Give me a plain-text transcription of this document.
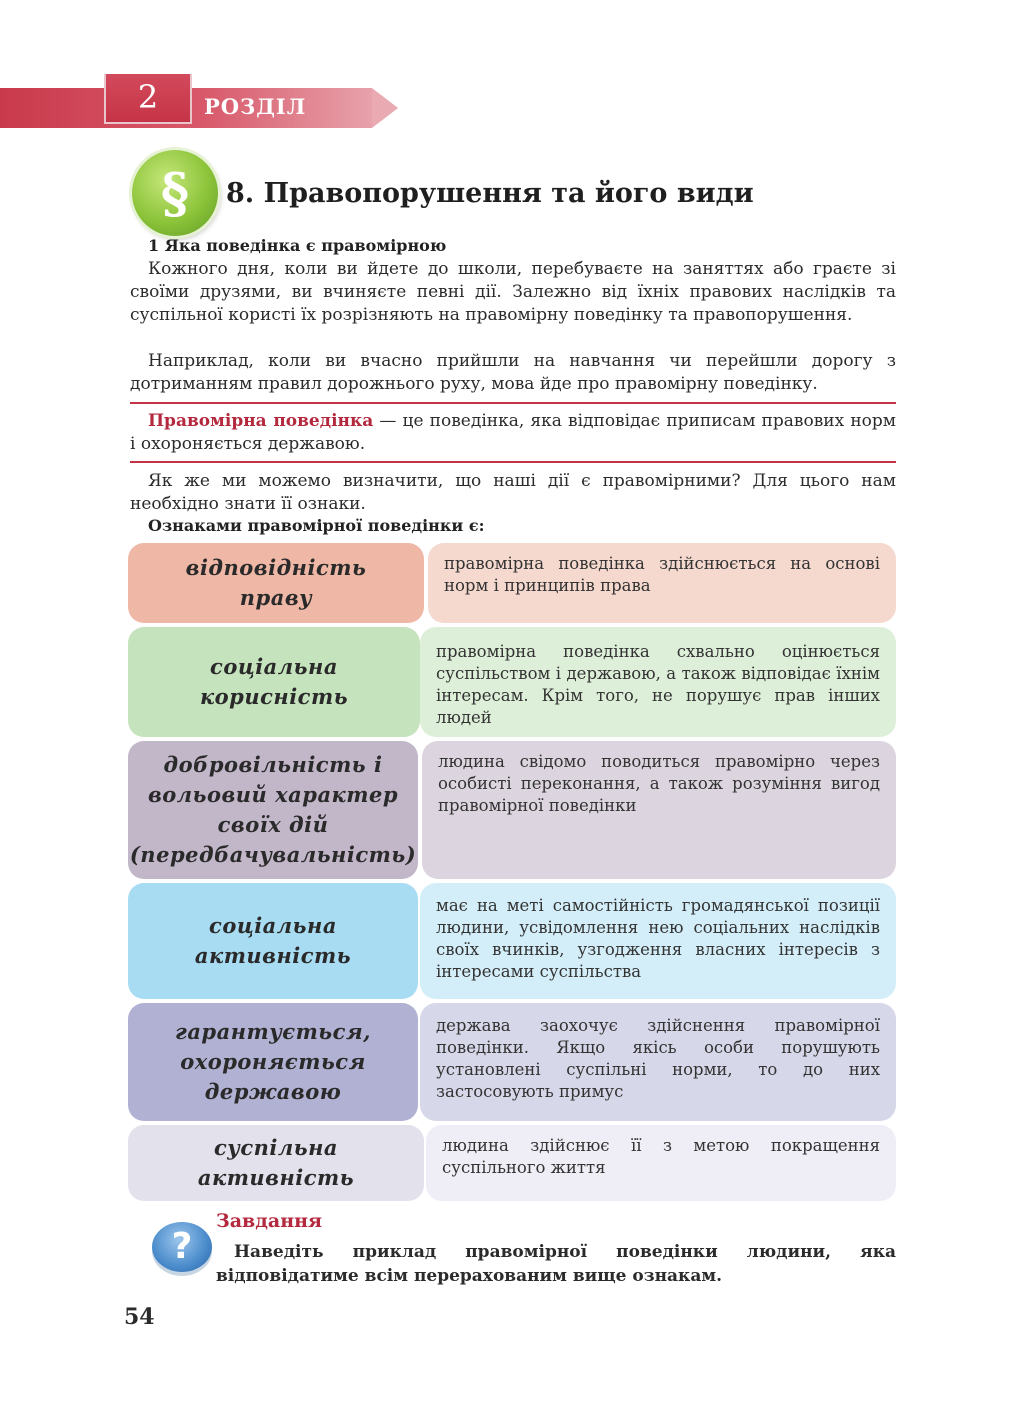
2	РОЗДІЛ
§	8. Правопорушення та його види
1 Яка поведінка є правомірною
Кожного дня, коли ви йдете до школи, перебуваєте на заняттях або граєте зі своїми друзями, ви вчиняєте певні дії. Залежно від їхніх правових наслідків та суспільної користі їх розрізняють на правомірну поведінку та правопорушення.
Наприклад, коли ви вчасно прийшли на навчання чи перейшли дорогу з дотриманням правил дорожнього руху, мова йде про правомірну поведінку.
Правомірна поведінка — це поведінка, яка відповідає приписам правових норм і охороняється державою.
Як же ми можемо визначити, що наші дії є правомірними? Для цього нам необхідно знати її ознаки.
Ознаками правомірної поведінки є:
відповідність праву
правомірна поведінка здійснюється на основі норм і принципів права
соціальна корисність
правомірна поведінка схвально оцінюється суспільством і державою, а також відповідає їхнім інтересам. Крім того, не порушує прав інших людей
добровільність і вольовий характер своїх дій (передбачувальність)
людина свідомо поводиться правомірно через особисті переконання, а також розуміння вигод правомірної поведінки
соціальна активність
має на меті самостійність громадянської позиції людини, усвідомлення нею соціальних наслідків своїх вчинків, узгодження власних інтересів з інтересами суспільства
гарантується, охороняється державою
держава заохочує здійснення правомірної поведінки. Якщо якісь особи порушують установлені суспільні норми, то до них застосовують примус
суспільна активність
людина здійснює її з метою покращення суспільного життя
?
Завдання
Наведіть приклад правомірної поведінки людини, яка відповідатиме всім перерахованим вище ознакам.
54
